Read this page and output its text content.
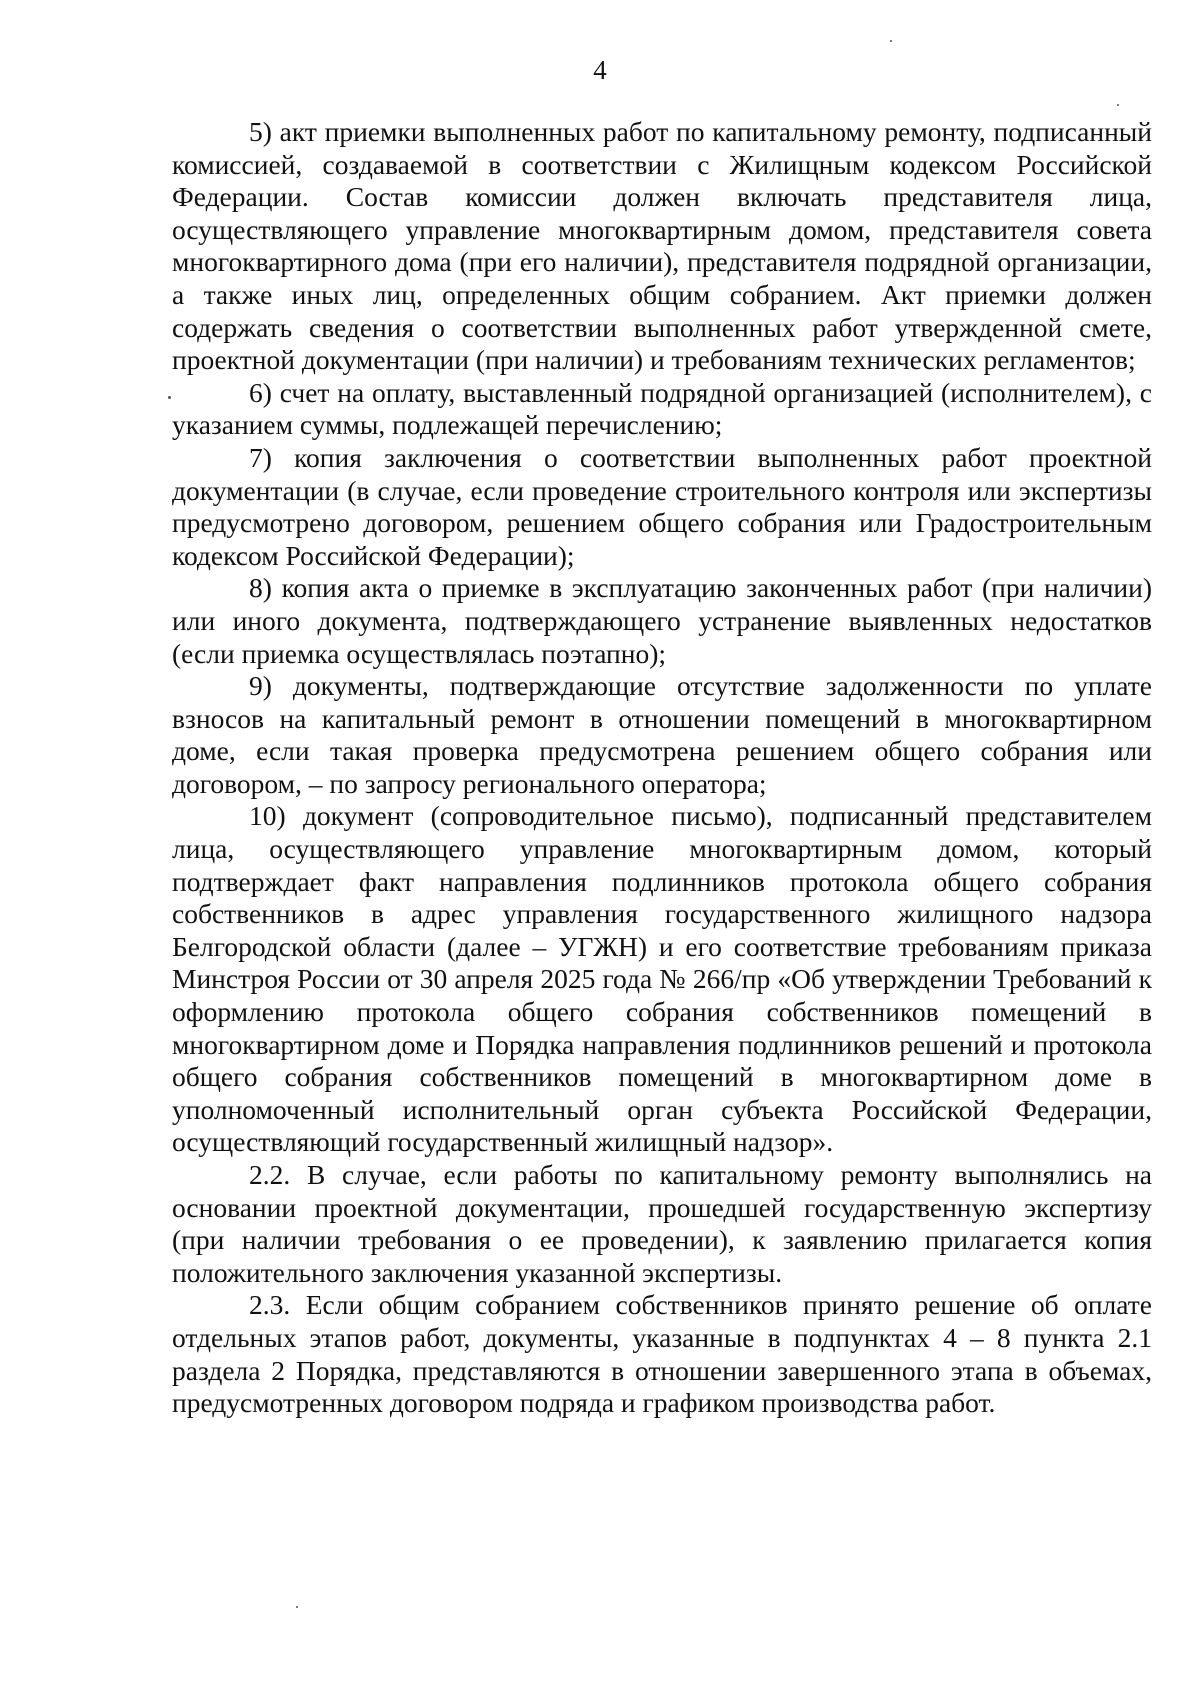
4

5) акт приемки выполненных работ по капитальному ремонту, подписанный комиссией, создаваемой в соответствии с Жилищным кодексом Российской Федерации. Состав комиссии должен включать представителя лица, осуществляющего управление многоквартирным домом, представителя совета многоквартирного дома (при его наличии), представителя подрядной организации, а также иных лиц, определенных общим собранием. Акт приемки должен содержать сведения о соответствии выполненных работ утвержденной смете, проектной документации (при наличии) и требованиям технических регламентов;

6) счет на оплату, выставленный подрядной организацией (исполнителем), с указанием суммы, подлежащей перечислению;

7) копия заключения о соответствии выполненных работ проектной документации (в случае, если проведение строительного контроля или экспертизы предусмотрено договором, решением общего собрания или Градостроительным кодексом Российской Федерации);

8) копия акта о приемке в эксплуатацию законченных работ (при наличии) или иного документа, подтверждающего устранение выявленных недостатков (если приемка осуществлялась поэтапно);

9) документы, подтверждающие отсутствие задолженности по уплате взносов на капитальный ремонт в отношении помещений в многоквартирном доме, если такая проверка предусмотрена решением общего собрания или договором, – по запросу регионального оператора;

10) документ (сопроводительное письмо), подписанный представителем лица, осуществляющего управление многоквартирным домом, который подтверждает факт направления подлинников протокола общего собрания собственников в адрес управления государственного жилищного надзора Белгородской области (далее – УГЖН) и его соответствие требованиям приказа Минстроя России от 30 апреля 2025 года № 266/пр «Об утверждении Требований к оформлению протокола общего собрания собственников помещений в многоквартирном доме и Порядка направления подлинников решений и протокола общего собрания собственников помещений в многоквартирном доме в уполномоченный исполнительный орган субъекта Российской Федерации, осуществляющий государственный жилищный надзор».

2.2. В случае, если работы по капитальному ремонту выполнялись на основании проектной документации, прошедшей государственную экспертизу (при наличии требования о ее проведении), к заявлению прилагается копия положительного заключения указанной экспертизы.

2.3. Если общим собранием собственников принято решение об оплате отдельных этапов работ, документы, указанные в подпунктах 4 – 8 пункта 2.1 раздела 2 Порядка, представляются в отношении завершенного этапа в объемах, предусмотренных договором подряда и графиком производства работ.
